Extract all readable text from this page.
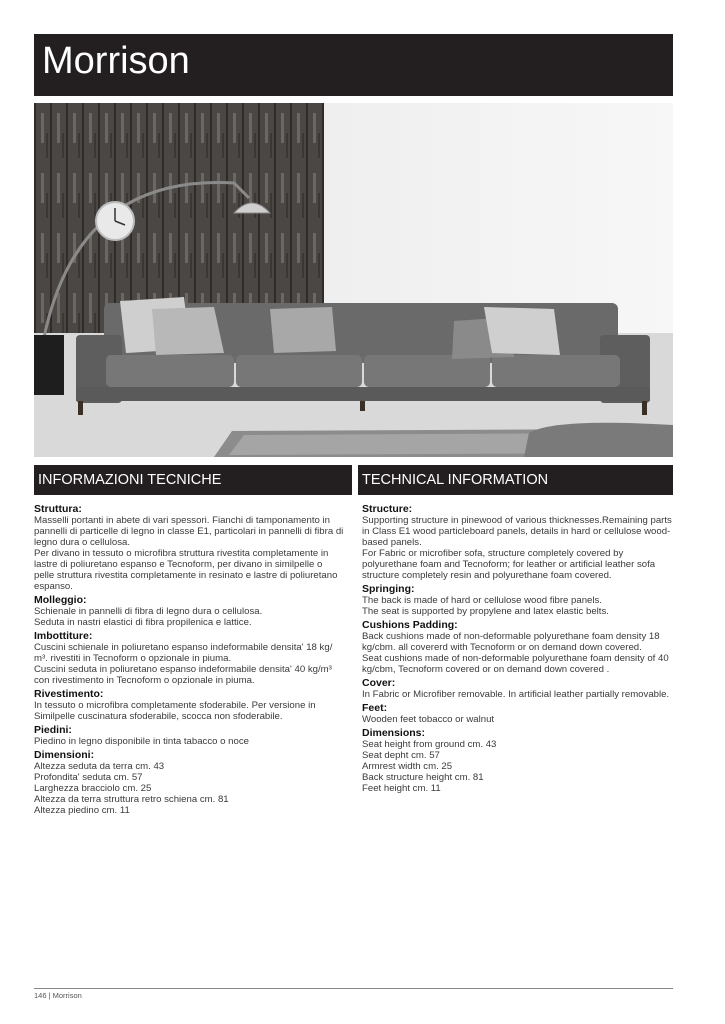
Morrison
INFORMAZIONI TECNICHE	TECHNICAL INFORMATION
Struttura:

Masselli portanti in abete di vari spessori. Fianchi di tamponamento in

pannelli di particelle di legno in classe E1, particolari in pannelli di fibra di

legno dura o cellulosa.

Per divano in tessuto o microfibra struttura rivestita completamente in

lastre di poliuretano espanso e Tecnoform, per divano in similpelle o

pelle struttura rivestita completamente in resinato e lastre di poliuretano

espanso.

Molleggio:

Schienale in pannelli di fibra di legno dura o cellulosa.

Seduta in nastri elastici di fibra propilenica e lattice.

Imbottiture:

Cuscini schienale in poliuretano espanso indeformabile densita' 18 kg/

m³. rivestiti in Tecnoform o opzionale in piuma.

Cuscini seduta in poliuretano espanso indeformabile densita' 40 kg/m³

con rivestimento in Tecnoform o opzionale in piuma.

Rivestimento:

In tessuto o microfibra completamente sfoderabile. Per versione in

Similpelle cuscinatura sfoderabile, scocca non sfoderabile.

Piedini:

Piedino in legno disponibile in tinta tabacco o noce

Dimensioni:

Altezza seduta da terra cm. 43

Profondita' seduta cm. 57

Larghezza bracciolo cm. 25

Altezza da terra struttura retro schiena cm. 81

Altezza piedino cm. 11

Structure:

Supporting structure in pinewood of various thicknesses.Remaining parts

in Class E1 wood particleboard panels, details in hard or cellulose wood-

based panels.

For Fabric or microfiber sofa, structure completely covered by

polyurethane foam and Tecnoform; for leather or artificial leather sofa

structure completely resin and polyurethane foam covered.

Springing:

The back is made of hard or cellulose wood fibre panels.

The seat is supported by propylene and latex elastic belts.

Cushions Padding:

Back cushions made of non-deformable polyurethane foam density 18

kg/cbm. all covererd with Tecnoform or on demand down covered.

Seat cushions made of non-deformable polyurethane foam density of 40

kg/cbm, Tecnoform covered or on demand down covered .

Cover:

In Fabric or Microfiber removable. In artificial leather partially removable.

Feet:

Wooden feet tobacco or walnut

Dimensions:

Seat height from ground cm. 43

Seat depht cm. 57

Armrest width cm. 25

Back structure height cm. 81

Feet height cm. 11

146 | Morrison
